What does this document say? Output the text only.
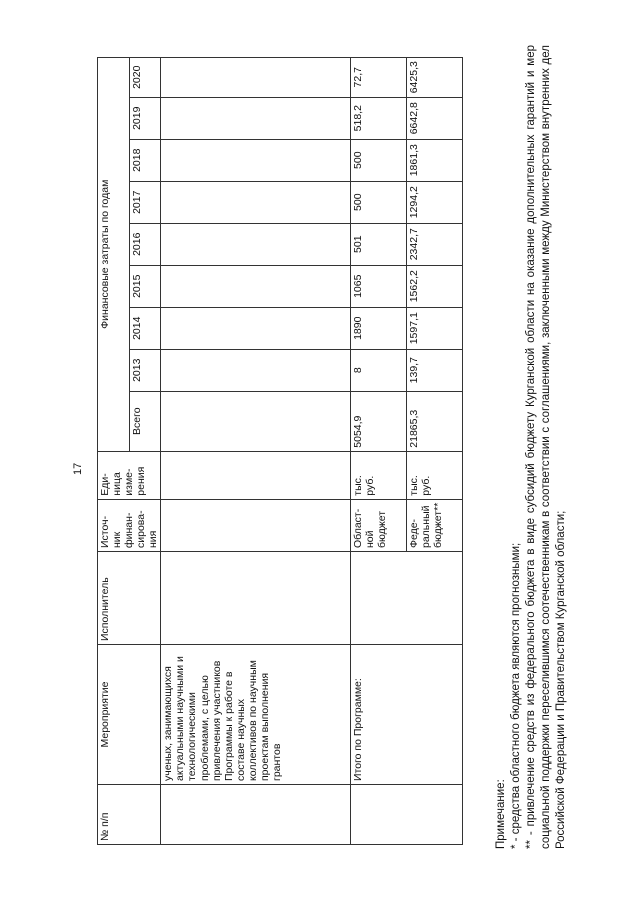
17
№ п/п	Мероприятие	Исполнитель	Источ-ник финан-сирова-ния	Еди-ница изме-рения	Финансовые затраты по годам								
					Всего	2013	2014	2015	2016	2017	2018	2019	2020
	ученых, занимающихся актуальными научными и технологическими проблемами, с целью привлечения участников Программы к работе в составе научных коллективов по научным проектам выполнения грантов												
	Итого по Программе:		Област-ной бюджет	тыс. руб.	5054,9	8	1890	1065	501	500	500	518,2	72,7
			Феде-ральный бюджет**	тыс. руб.	21865,3	139,7	1597,1	1562,2	2342,7	1294,2	1861,3	6642,8	6425,3

Примечание: * - средства областного бюджета являются прогнозными; ** - привлечение средств из федерального бюджета в виде субсидий бюджету Курганской области на оказание дополнительных гарантий и мер социальной поддержки переселившимся соотечественникам в соответствии с соглашениями, заключенными между Министерством внутренних дел Российской Федерации и Правительством Курганской области;
